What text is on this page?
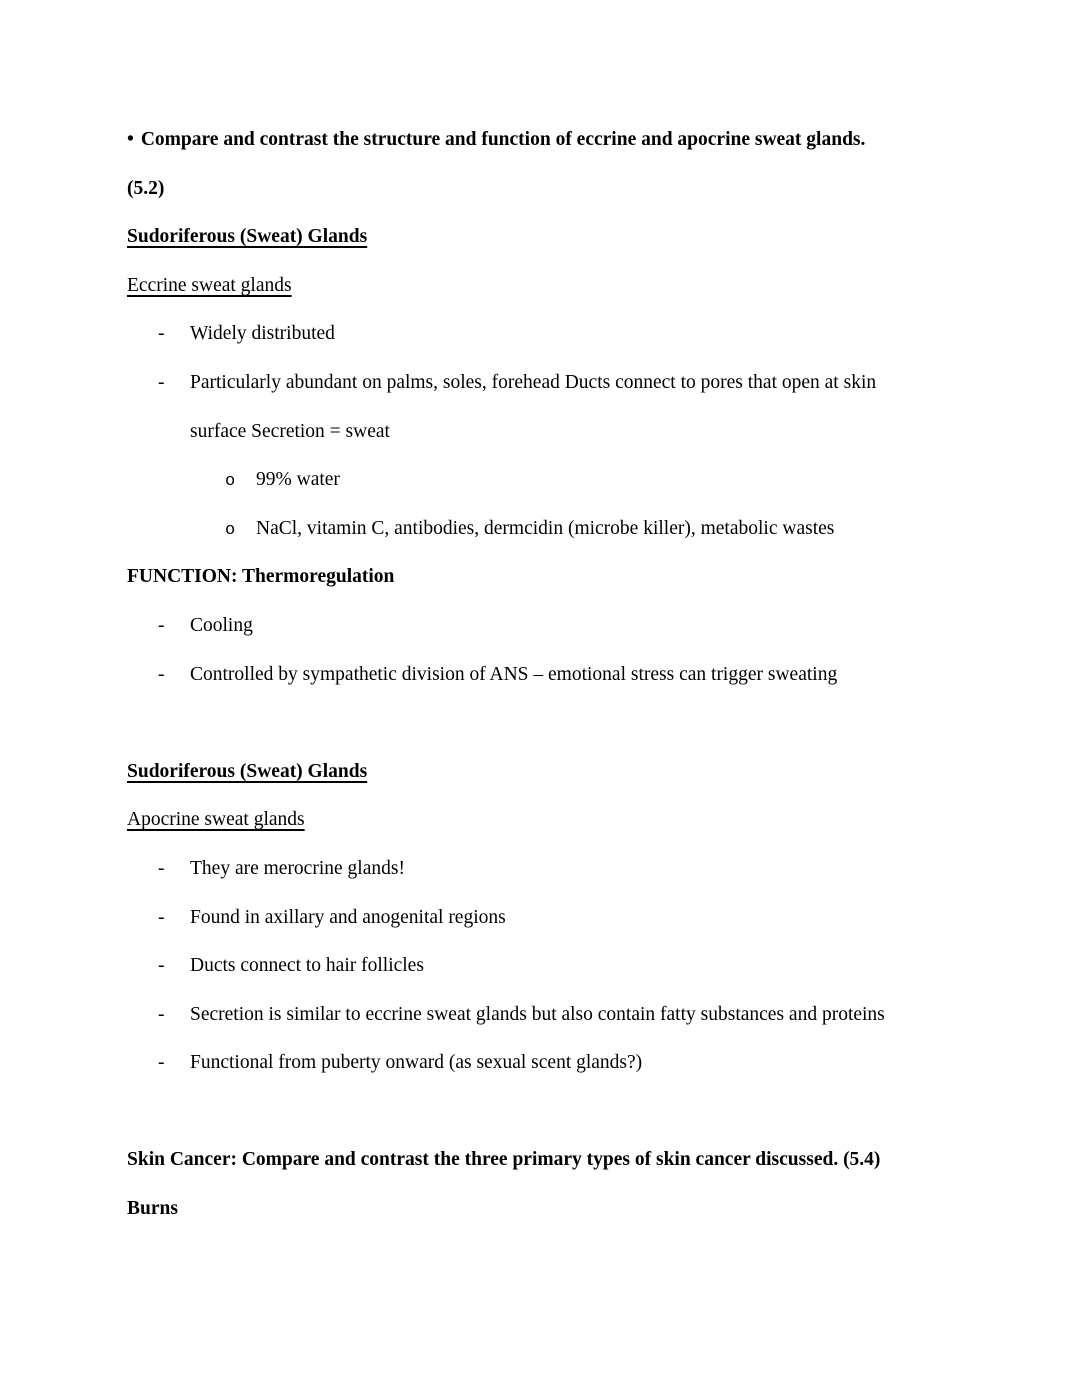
• Compare and contrast the structure and function of eccrine and apocrine sweat glands.
(5.2)
Sudoriferous (Sweat) Glands
Eccrine sweat glands
- Widely distributed
- Particularly abundant on palms, soles, forehead Ducts connect to pores that open at skin
surface Secretion = sweat
o 99% water
o NaCl, vitamin C, antibodies, dermcidin (microbe killer), metabolic wastes
FUNCTION: Thermoregulation
- Cooling
- Controlled by sympathetic division of ANS – emotional stress can trigger sweating
Sudoriferous (Sweat) Glands
Apocrine sweat glands
- They are merocrine glands!
- Found in axillary and anogenital regions
- Ducts connect to hair follicles
- Secretion is similar to eccrine sweat glands but also contain fatty substances and proteins
- Functional from puberty onward (as sexual scent glands?)
Skin Cancer: Compare and contrast the three primary types of skin cancer discussed. (5.4)
Burns
